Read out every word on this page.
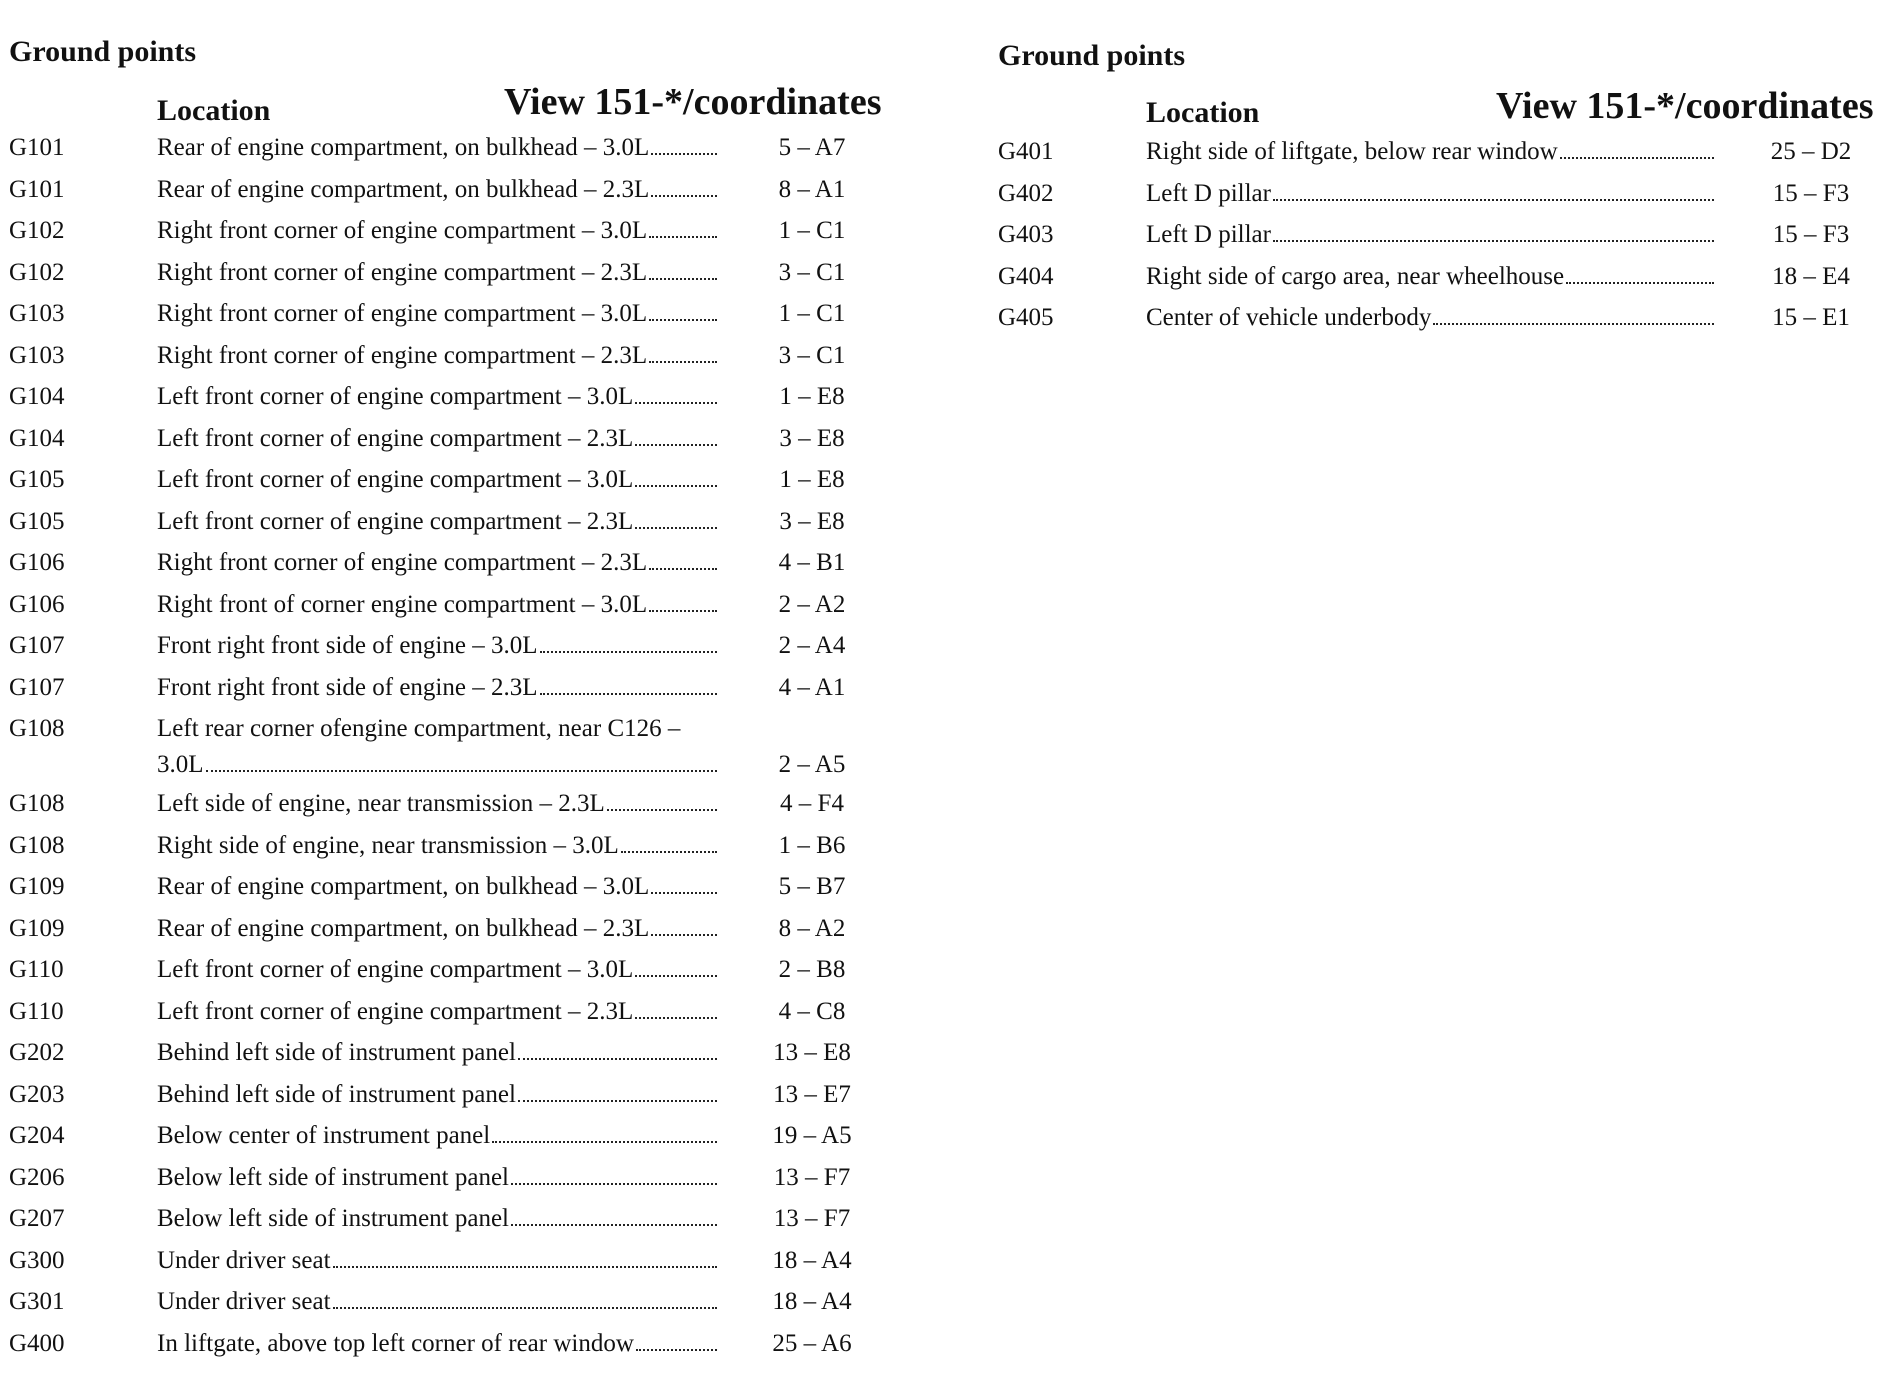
Ground points
Location	View 151-*/coordinates
G101	Rear of engine compartment, on bulkhead – 3.0L	5 – A7
G101	Rear of engine compartment, on bulkhead – 2.3L	8 – A1
G102	Right front corner of engine compartment – 3.0L	1 – C1
G102	Right front corner of engine compartment – 2.3L	3 – C1
G103	Right front corner of engine compartment – 3.0L	1 – C1
G103	Right front corner of engine compartment – 2.3L	3 – C1
G104	Left front corner of engine compartment – 3.0L	1 – E8
G104	Left front corner of engine compartment – 2.3L	3 – E8
G105	Left front corner of engine compartment – 3.0L	1 – E8
G105	Left front corner of engine compartment – 2.3L	3 – E8
G106	Right front corner of engine compartment – 2.3L	4 – B1
G106	Right front of corner engine compartment – 3.0L	2 – A2
G107	Front right front side of engine – 3.0L	2 – A4
G107	Front right front side of engine – 2.3L	4 – A1
G108	Left rear corner ofengine compartment, near C126 –
3.0L	2 – A5
G108	Left side of engine, near transmission – 2.3L	4 – F4
G108	Right side of engine, near transmission – 3.0L	1 – B6
G109	Rear of engine compartment, on bulkhead – 3.0L	5 – B7
G109	Rear of engine compartment, on bulkhead – 2.3L	8 – A2
G110	Left front corner of engine compartment – 3.0L	2 – B8
G110	Left front corner of engine compartment – 2.3L	4 – C8
G202	Behind left side of instrument panel	13 – E8
G203	Behind left side of instrument panel	13 – E7
G204	Below center of instrument panel	19 – A5
G206	Below left side of instrument panel	13 – F7
G207	Below left side of instrument panel	13 – F7
G300	Under driver seat	18 – A4
G301	Under driver seat	18 – A4
G400	In liftgate, above top left corner of rear window	25 – A6
Ground points
Location	View 151-*/coordinates
G401	Right side of liftgate, below rear window	25 – D2
G402	Left D pillar	15 – F3
G403	Left D pillar	15 – F3
G404	Right side of cargo area, near wheelhouse	18 – E4
G405	Center of vehicle underbody	15 – E1
